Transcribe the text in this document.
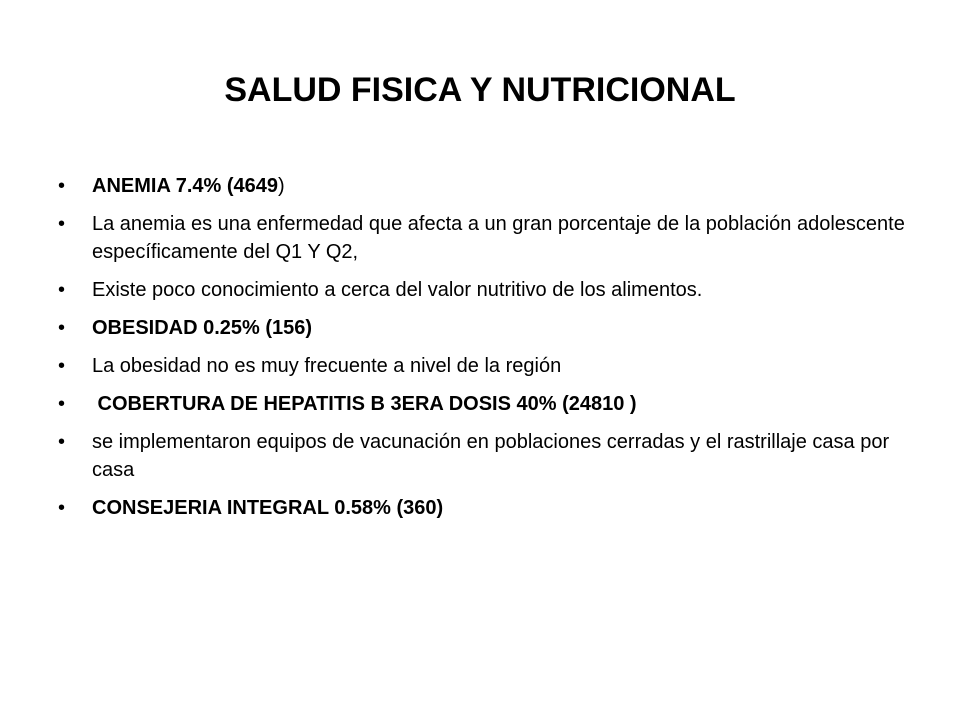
SALUD FISICA Y NUTRICIONAL
•	ANEMIA 7.4% (4649)
•	La anemia es una enfermedad que afecta a un gran porcentaje de la población adolescente específicamente del Q1 Y Q2,
•	Existe poco conocimiento a cerca del valor nutritivo de los alimentos.
•	OBESIDAD 0.25% (156)
•	La obesidad no es muy frecuente a nivel de la región
•	COBERTURA DE HEPATITIS B 3ERA DOSIS 40% (24810 )
•	se implementaron equipos de vacunación en poblaciones cerradas y el rastrillaje casa por casa
•	CONSEJERIA INTEGRAL 0.58% (360)
